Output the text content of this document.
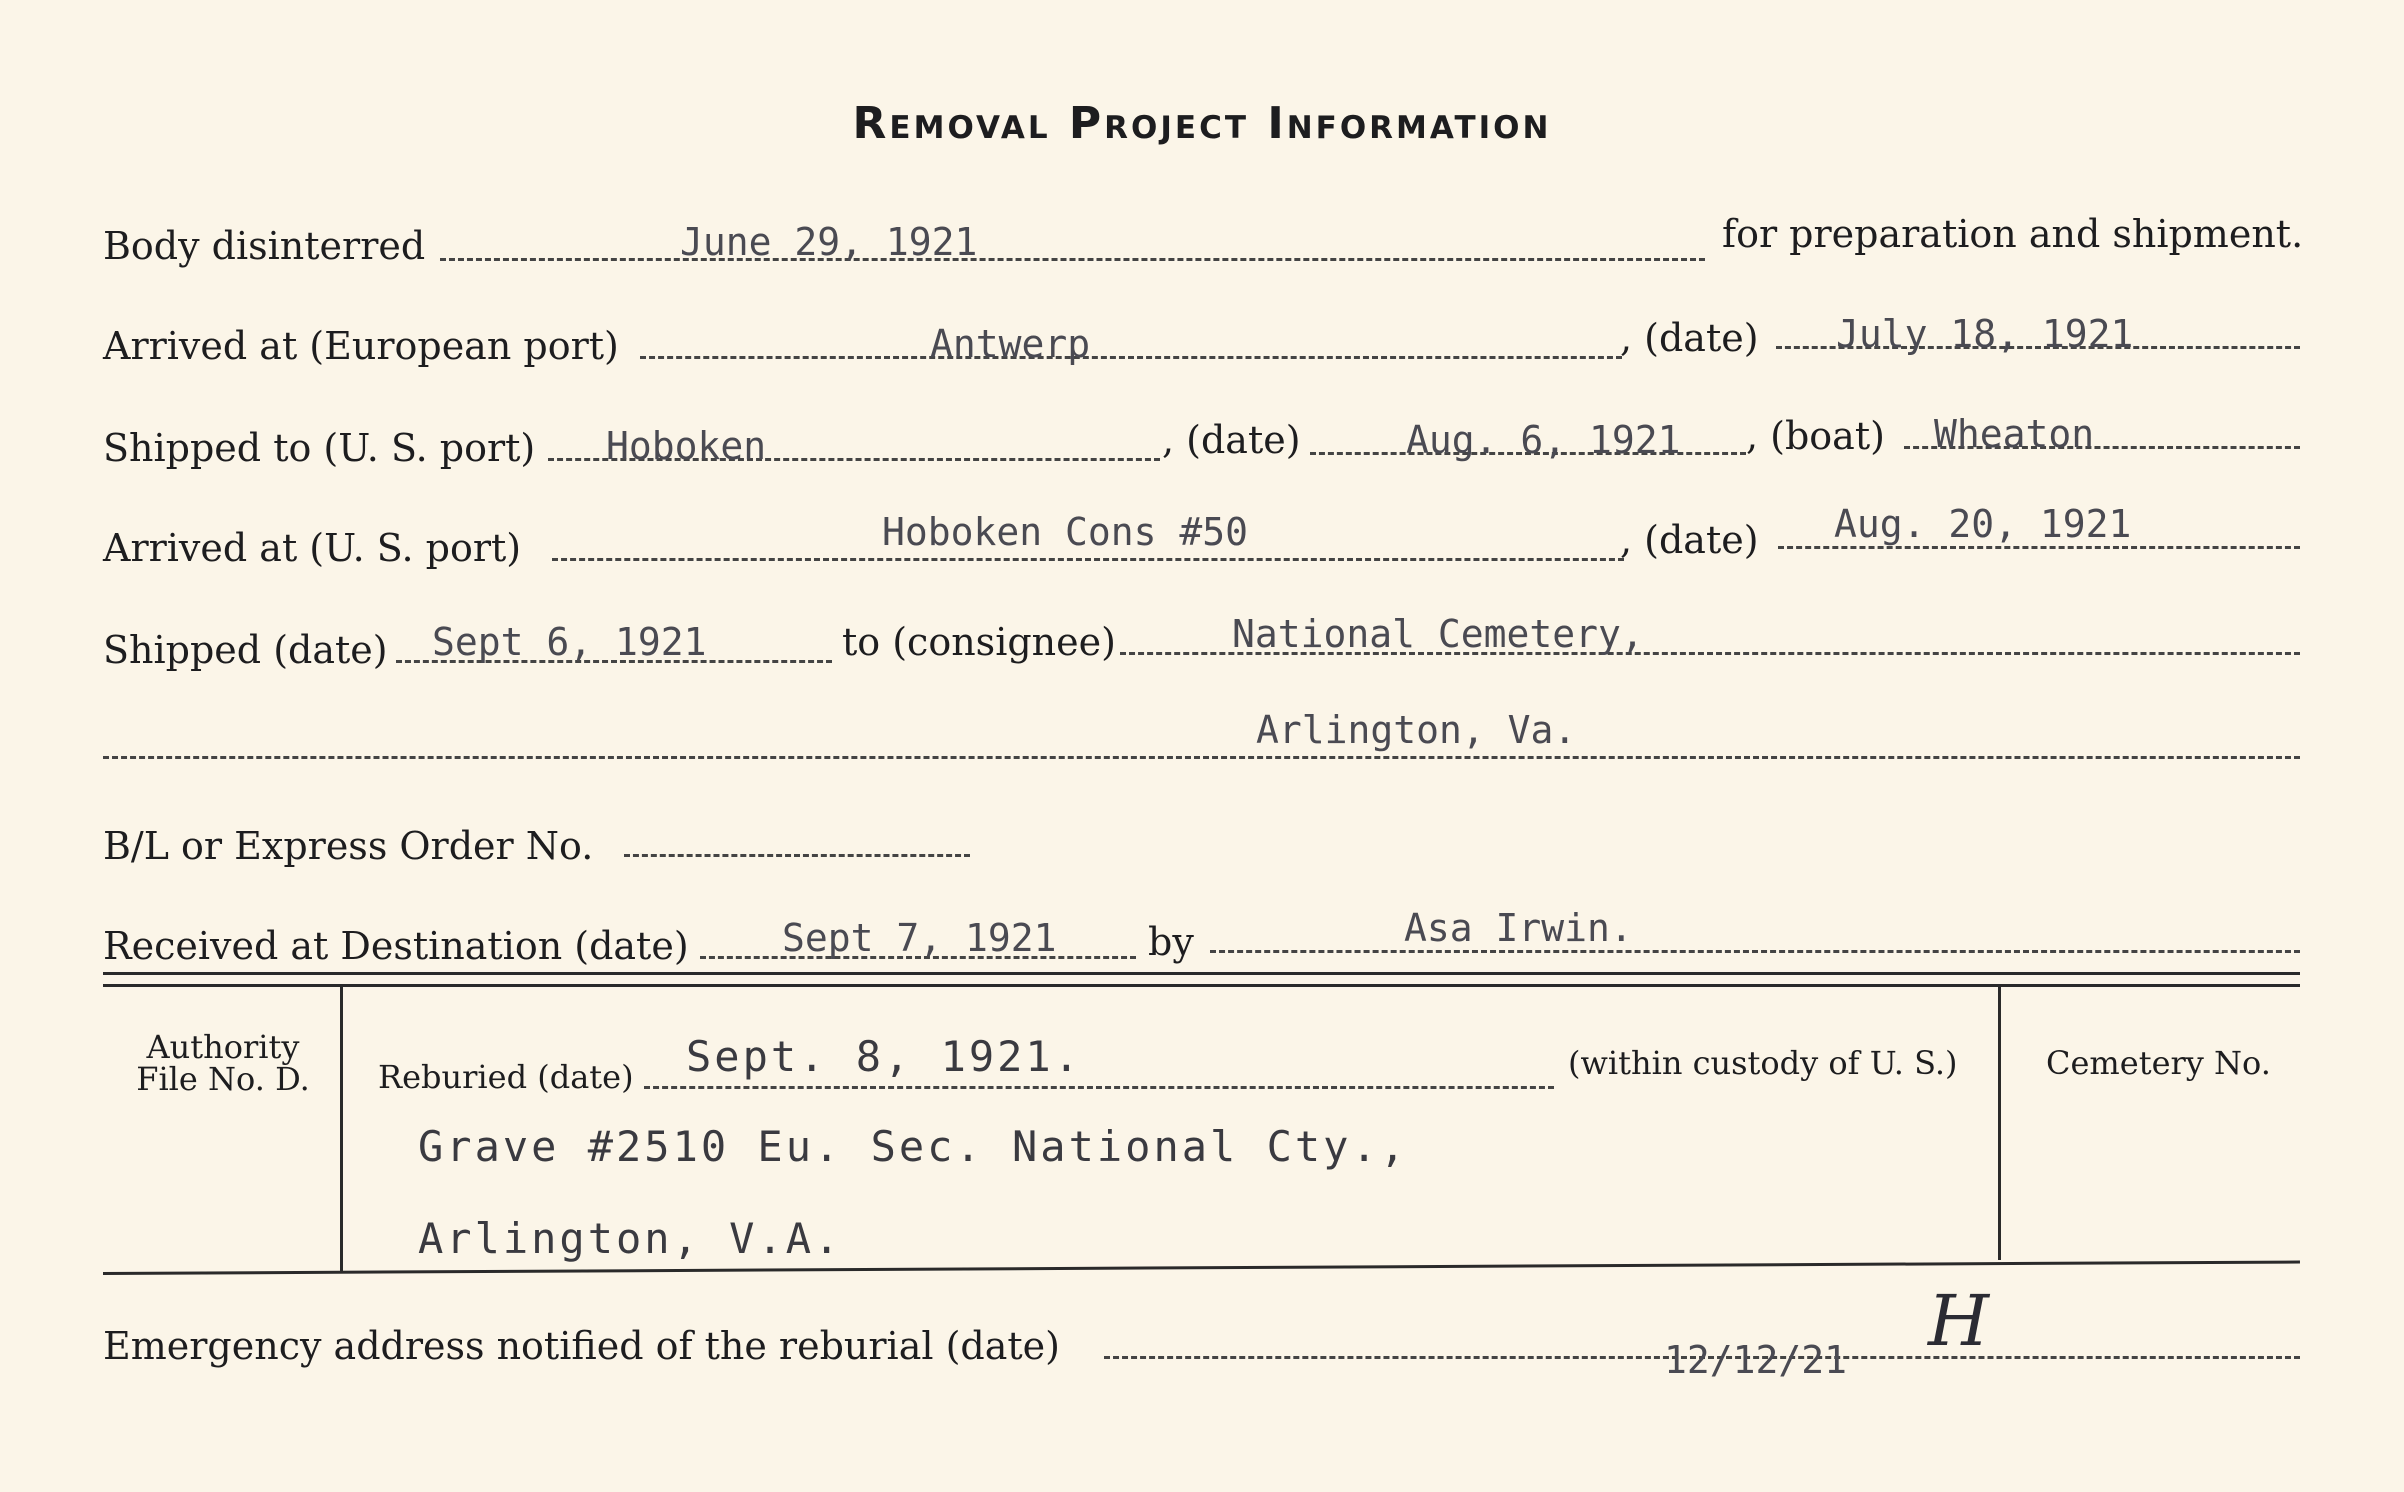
Removal Project Information
Body disinterred	June 29, 1921	for preparation and shipment.
Arrived at (European port)	Antwerp	, (date) July 18, 1921
Shipped to (U. S. port) Hoboken	, (date)	Aug. 6, 1921 , (boat) Wheaton
Arrived at (U. S. port)	Hoboken Cons #50	, (date) Aug. 20, 1921
Shipped (date) Sept 6, 1921	to (consignee)	National Cemetery,
Arlington, Va.
B/L or Express Order No.
Received at Destination (date) Sept 7, 1921 by	Asa Irwin.
Authority
File No. D.	Reburied (date) Sept. 8, 1921.	(within custody of U. S.)	Cemetery No.
Grave #2510 Eu. Sec. National Cty.,
Arlington, V.A.
Emergency address notified of the reburial (date)	12/12/21 H
